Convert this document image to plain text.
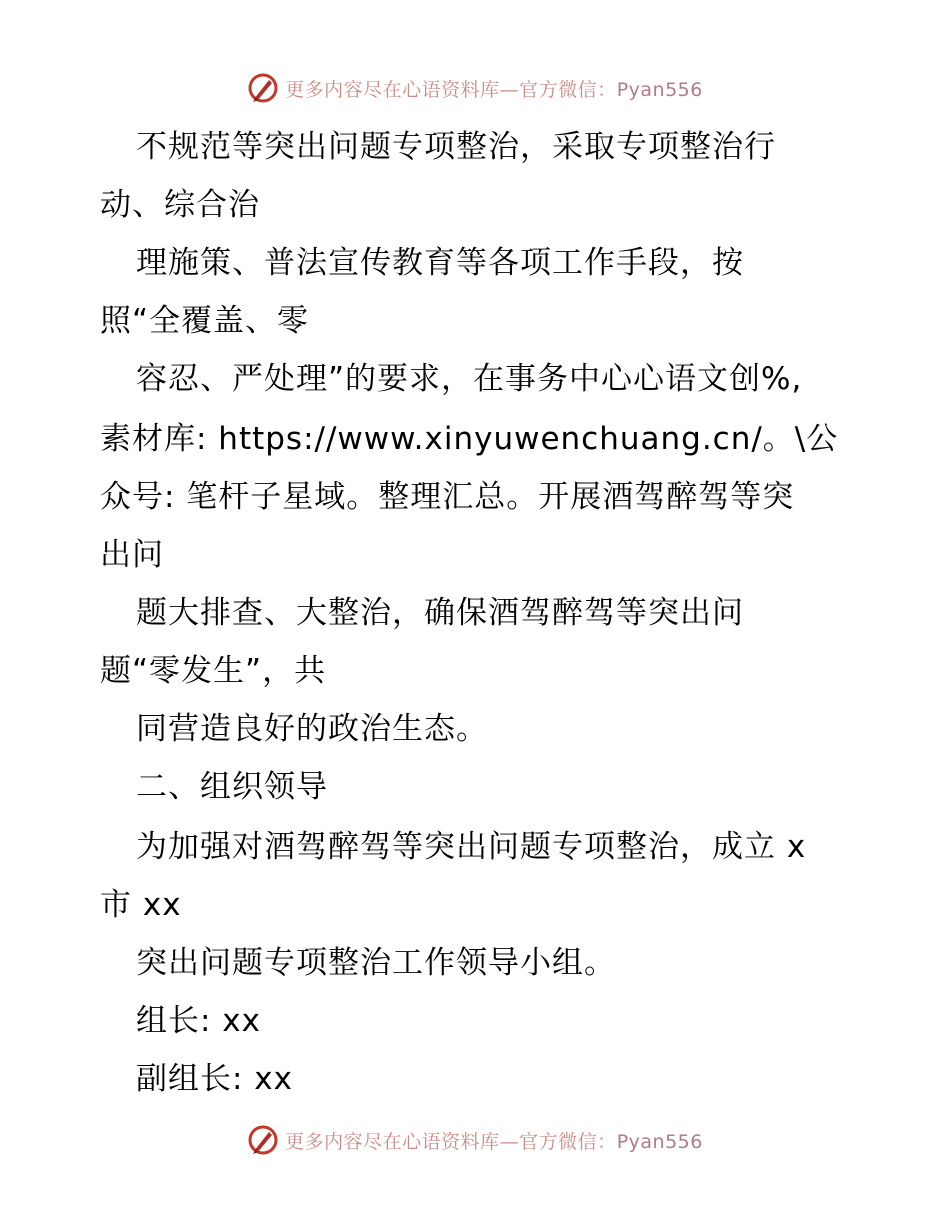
更多内容尽在心语资料库—官方微信：Pyan556
不规范等突出问题专项整治，采取专项整治行
动、综合治
理施策、普法宣传教育等各项工作手段，按
照“全覆盖、零
容忍、严处理”的要求，在事务中心心语文创%,
素材库: https://www.xinyuwenchuang.cn/。\公
众号: 笔杆子星域。整理汇总。开展酒驾醉驾等突
出问
题大排查、大整治，确保酒驾醉驾等突出问
题“零发生”，共
同营造良好的政治生态。
二、组织领导
为加强对酒驾醉驾等突出问题专项整治，成立 x
市 xx
突出问题专项整治工作领导小组。
组长: xx
副组长: xx
更多内容尽在心语资料库—官方微信：Pyan556
